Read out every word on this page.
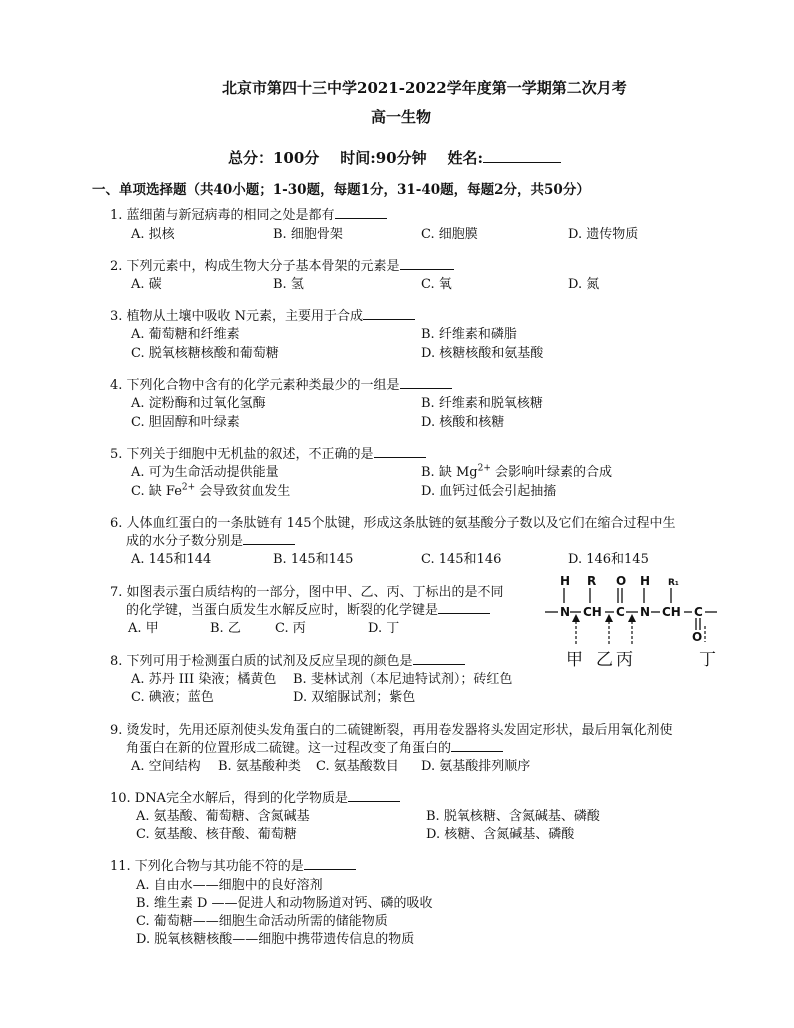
北京市第四十三中学2021-2022学年度第一学期第二次月考
高一生物
总分：100分 时间:90分钟 姓名:
一、单项选择题（共40小题；1-30题，每题1分，31-40题，每题2分，共50分）
1. 蓝细菌与新冠病毒的相同之处是都有
A. 拟核	B. 细胞骨架	C. 细胞膜	D. 遗传物质
2. 下列元素中，构成生物大分子基本骨架的元素是
A. 碳	B. 氢	C. 氧	D. 氮
3. 植物从土壤中吸收 N元素，主要用于合成
A. 葡萄糖和纤维素	B. 纤维素和磷脂
C. 脱氧核糖核酸和葡萄糖	D. 核糖核酸和氨基酸
4. 下列化合物中含有的化学元素种类最少的一组是
A. 淀粉酶和过氧化氢酶	B. 纤维素和脱氧核糖
C. 胆固醇和叶绿素	D. 核酸和核糖
5. 下列关于细胞中无机盐的叙述，不正确的是
A. 可为生命活动提供能量	B. 缺 $Mg^{2+}$ 会影响叶绿素的合成
C. 缺 $Fe^{2+}$ 会导致贫血发生	D. 血钙过低会引起抽搐
6. 人体血红蛋白的一条肽链有 145个肽键，形成这条肽链的氨基酸分子数以及它们在缩合过程中生
成的水分子数分别是
A. 145和144	B. 145和145	C. 145和146	D. 146和145
7. 如图表示蛋白质结构的一部分，图中甲、乙、丙、丁标出的是不同
的化学键，当蛋白质发生水解反应时，断裂的化学键是
A. 甲	B. 乙	C. 丙	D. 丁
H R O H R₁
N CH C N CH C
O
甲 乙 丙	丁
8. 下列可用于检测蛋白质的试剂及反应呈现的颜色是
A. 苏丹 III 染液；橘黄色 B. 斐林试剂（本尼迪特试剂）；砖红色
C. 碘液；蓝色	D. 双缩脲试剂；紫色
9. 烫发时，先用还原剂使头发角蛋白的二硫键断裂，再用卷发器将头发固定形状，最后用氧化剂使
角蛋白在新的位置形成二硫键。这一过程改变了角蛋白的
A. 空间结构 B. 氨基酸种类 C. 氨基酸数目 D. 氨基酸排列顺序
10. DNA完全水解后，得到的化学物质是
A. 氨基酸、葡萄糖、含氮碱基	B. 脱氧核糖、含氮碱基、磷酸
C. 氨基酸、核苷酸、葡萄糖	D. 核糖、含氮碱基、磷酸
11. 下列化合物与其功能不符的是
A. 自由水——细胞中的良好溶剂
B. 维生素 D ——促进人和动物肠道对钙、磷的吸收
C. 葡萄糖——细胞生命活动所需的储能物质
D. 脱氧核糖核酸——细胞中携带遗传信息的物质
